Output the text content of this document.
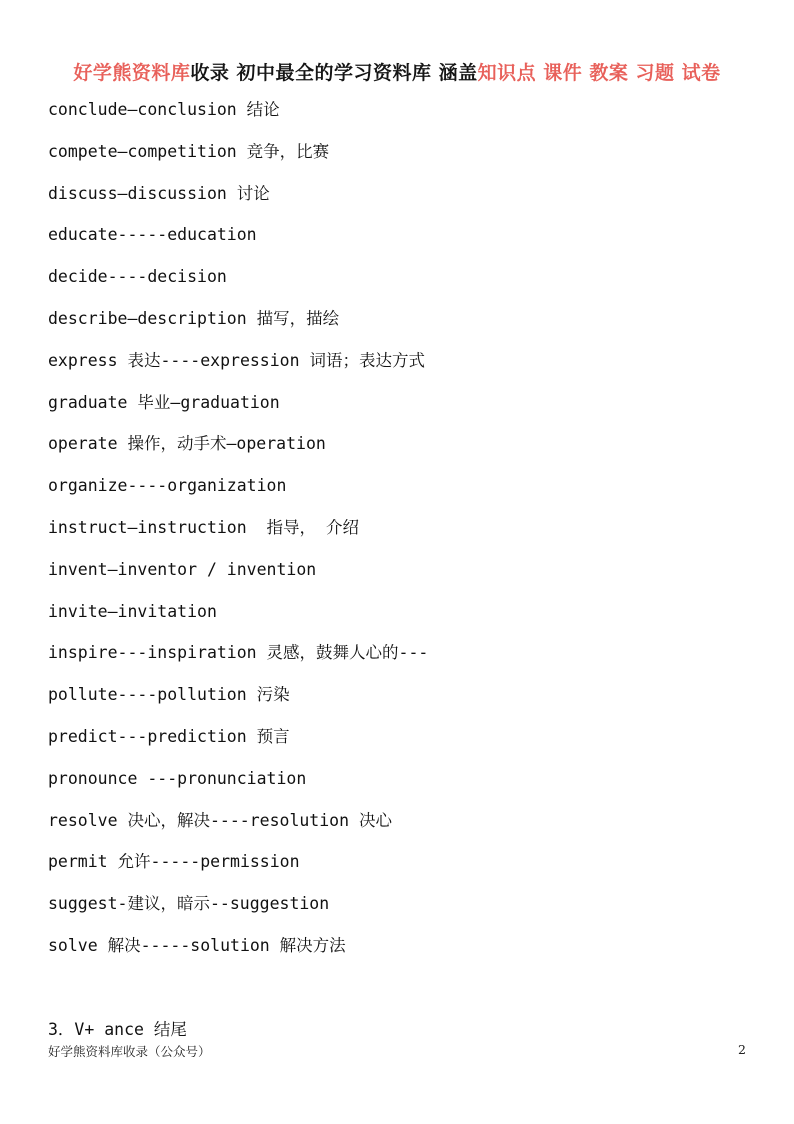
好学熊资料库收录 初中最全的学习资料库 涵盖知识点 课件 教案 习题 试卷
conclude—conclusion 结论
compete—competition 竞争，比赛
discuss—discussion 讨论
educate-----education
decide----decision
describe—description 描写，描绘
express 表达----expression 词语；表达方式
graduate 毕业—graduation
operate 操作，动手术—operation
organize----organization
instruct—instruction  指导， 介绍
invent—inventor / invention
invite—invitation
inspire---inspiration 灵感，鼓舞人心的---
pollute----pollution 污染
predict---prediction 预言
pronounce ---pronunciation
resolve 决心，解决----resolution 决心
permit 允许-----permission
suggest-建议，暗示--suggestion
solve 解决-----solution 解决方法
3．V+ ance 结尾
好学熊资料库收录（公众号）	2
